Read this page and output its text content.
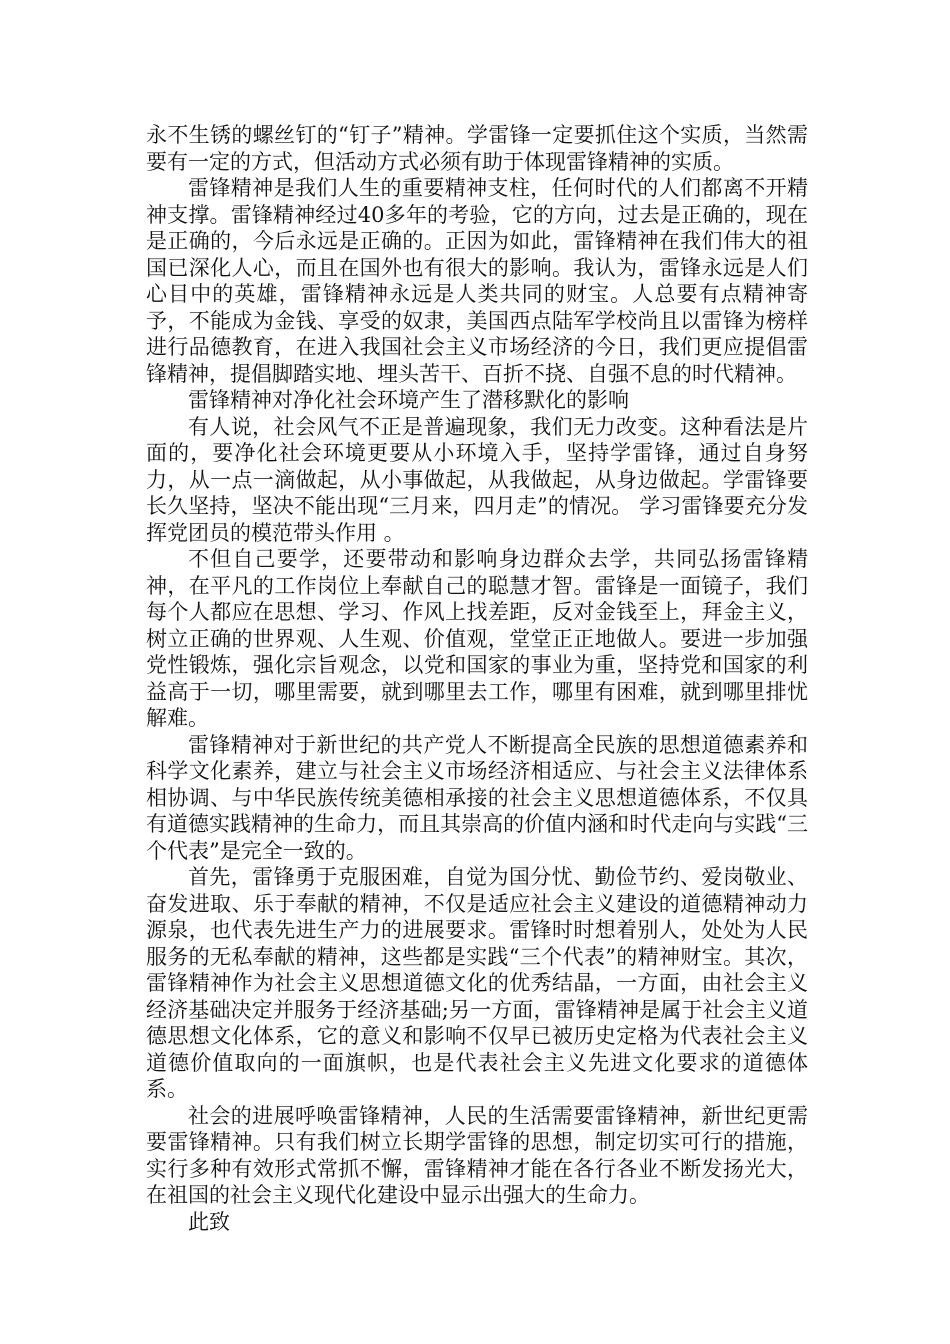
永不生锈的螺丝钉的“钉子”精神。学雷锋一定要抓住这个实质，当然需要有一定的方式，但活动方式必须有助于体现雷锋精神的实质。

雷锋精神是我们人生的重要精神支柱，任何时代的人们都离不开精神支撑。雷锋精神经过40多年的考验，它的方向，过去是正确的，现在是正确的，今后永远是正确的。正因为如此，雷锋精神在我们伟大的祖国已深化人心，而且在国外也有很大的影响。我认为，雷锋永远是人们心目中的英雄，雷锋精神永远是人类共同的财宝。人总要有点精神寄予，不能成为金钱、享受的奴隶，美国西点陆军学校尚且以雷锋为榜样进行品德教育，在进入我国社会主义市场经济的今日，我们更应提倡雷锋精神，提倡脚踏实地、埋头苦干、百折不挠、自强不息的时代精神。

雷锋精神对净化社会环境产生了潜移默化的影响

有人说，社会风气不正是普遍现象，我们无力改变。这种看法是片面的，要净化社会环境更要从小环境入手，坚持学雷锋，通过自身努力，从一点一滴做起，从小事做起，从我做起，从身边做起。学雷锋要长久坚持，坚决不能出现“三月来，四月走”的情况。 学习雷锋要充分发挥党团员的模范带头作用 。

不但自己要学，还要带动和影响身边群众去学，共同弘扬雷锋精神，在平凡的工作岗位上奉献自己的聪慧才智。雷锋是一面镜子，我们每个人都应在思想、学习、作风上找差距，反对金钱至上，拜金主义，树立正确的世界观、人生观、价值观，堂堂正正地做人。要进一步加强党性锻炼，强化宗旨观念，以党和国家的事业为重，坚持党和国家的利益高于一切，哪里需要，就到哪里去工作，哪里有困难，就到哪里排忧解难。

雷锋精神对于新世纪的共产党人不断提高全民族的思想道德素养和科学文化素养，建立与社会主义市场经济相适应、与社会主义法律体系相协调、与中华民族传统美德相承接的社会主义思想道德体系，不仅具有道德实践精神的生命力，而且其崇高的价值内涵和时代走向与实践“三个代表”是完全一致的。

首先，雷锋勇于克服困难，自觉为国分忧、勤俭节约、爱岗敬业、奋发进取、乐于奉献的精神，不仅是适应社会主义建设的道德精神动力源泉，也代表先进生产力的进展要求。雷锋时时想着别人，处处为人民服务的无私奉献的精神，这些都是实践“三个代表”的精神财宝。其次，雷锋精神作为社会主义思想道德文化的优秀结晶，一方面，由社会主义经济基础决定并服务于经济基础;另一方面，雷锋精神是属于社会主义道德思想文化体系，它的意义和影响不仅早已被历史定格为代表社会主义道德价值取向的一面旗帜，也是代表社会主义先进文化要求的道德体系。

社会的进展呼唤雷锋精神，人民的生活需要雷锋精神，新世纪更需要雷锋精神。只有我们树立长期学雷锋的思想，制定切实可行的措施，实行多种有效形式常抓不懈，雷锋精神才能在各行各业不断发扬光大，在祖国的社会主义现代化建设中显示出强大的生命力。

此致
